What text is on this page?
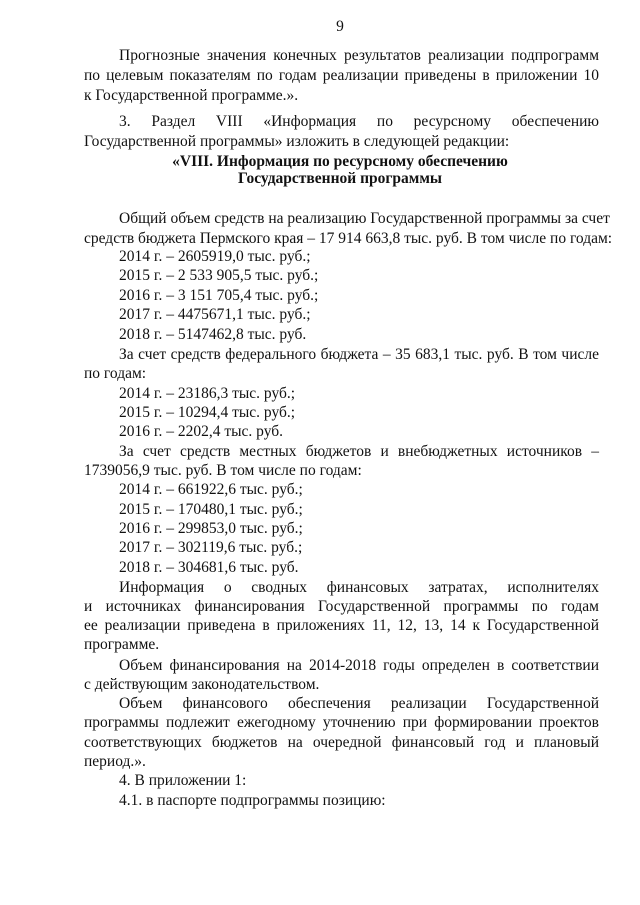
9
Прогнозные значения конечных результатов реализации подпрограмм
по целевым показателям по годам реализации приведены в приложении 10
к Государственной программе.».
3. Раздел VIII «Информация по ресурсному обеспечению
Государственной программы» изложить в следующей редакции:
«VIII. Информация по ресурсному обеспечению
Государственной программы
Общий объем средств на реализацию Государственной программы за счет
средств бюджета Пермского края – 17 914 663,8 тыс. руб. В том числе по годам:
2014 г. – 2605919,0 тыс. руб.;
2015 г. – 2 533 905,5 тыс. руб.;
2016 г. – 3 151 705,4 тыс. руб.;
2017 г. – 4475671,1 тыс. руб.;
2018 г. – 5147462,8 тыс. руб.
За счет средств федерального бюджета – 35 683,1 тыс. руб. В том числе
по годам:
2014 г. – 23186,3 тыс. руб.;
2015 г. – 10294,4 тыс. руб.;
2016 г. – 2202,4 тыс. руб.
За счет средств местных бюджетов и внебюджетных источников –
1739056,9 тыс. руб. В том числе по годам:
2014 г. – 661922,6 тыс. руб.;
2015 г. – 170480,1 тыс. руб.;
2016 г. – 299853,0 тыс. руб.;
2017 г. – 302119,6 тыс. руб.;
2018 г. – 304681,6 тыс. руб.
Информация о сводных финансовых затратах, исполнителях
и источниках финансирования Государственной программы по годам
ее реализации приведена в приложениях 11, 12, 13, 14 к Государственной
программе.
Объем финансирования на 2014-2018 годы определен в соответствии
с действующим законодательством.
Объем финансового обеспечения реализации Государственной
программы подлежит ежегодному уточнению при формировании проектов
соответствующих бюджетов на очередной финансовый год и плановый
период.».
4. В приложении 1:
4.1. в паспорте подпрограммы позицию:
